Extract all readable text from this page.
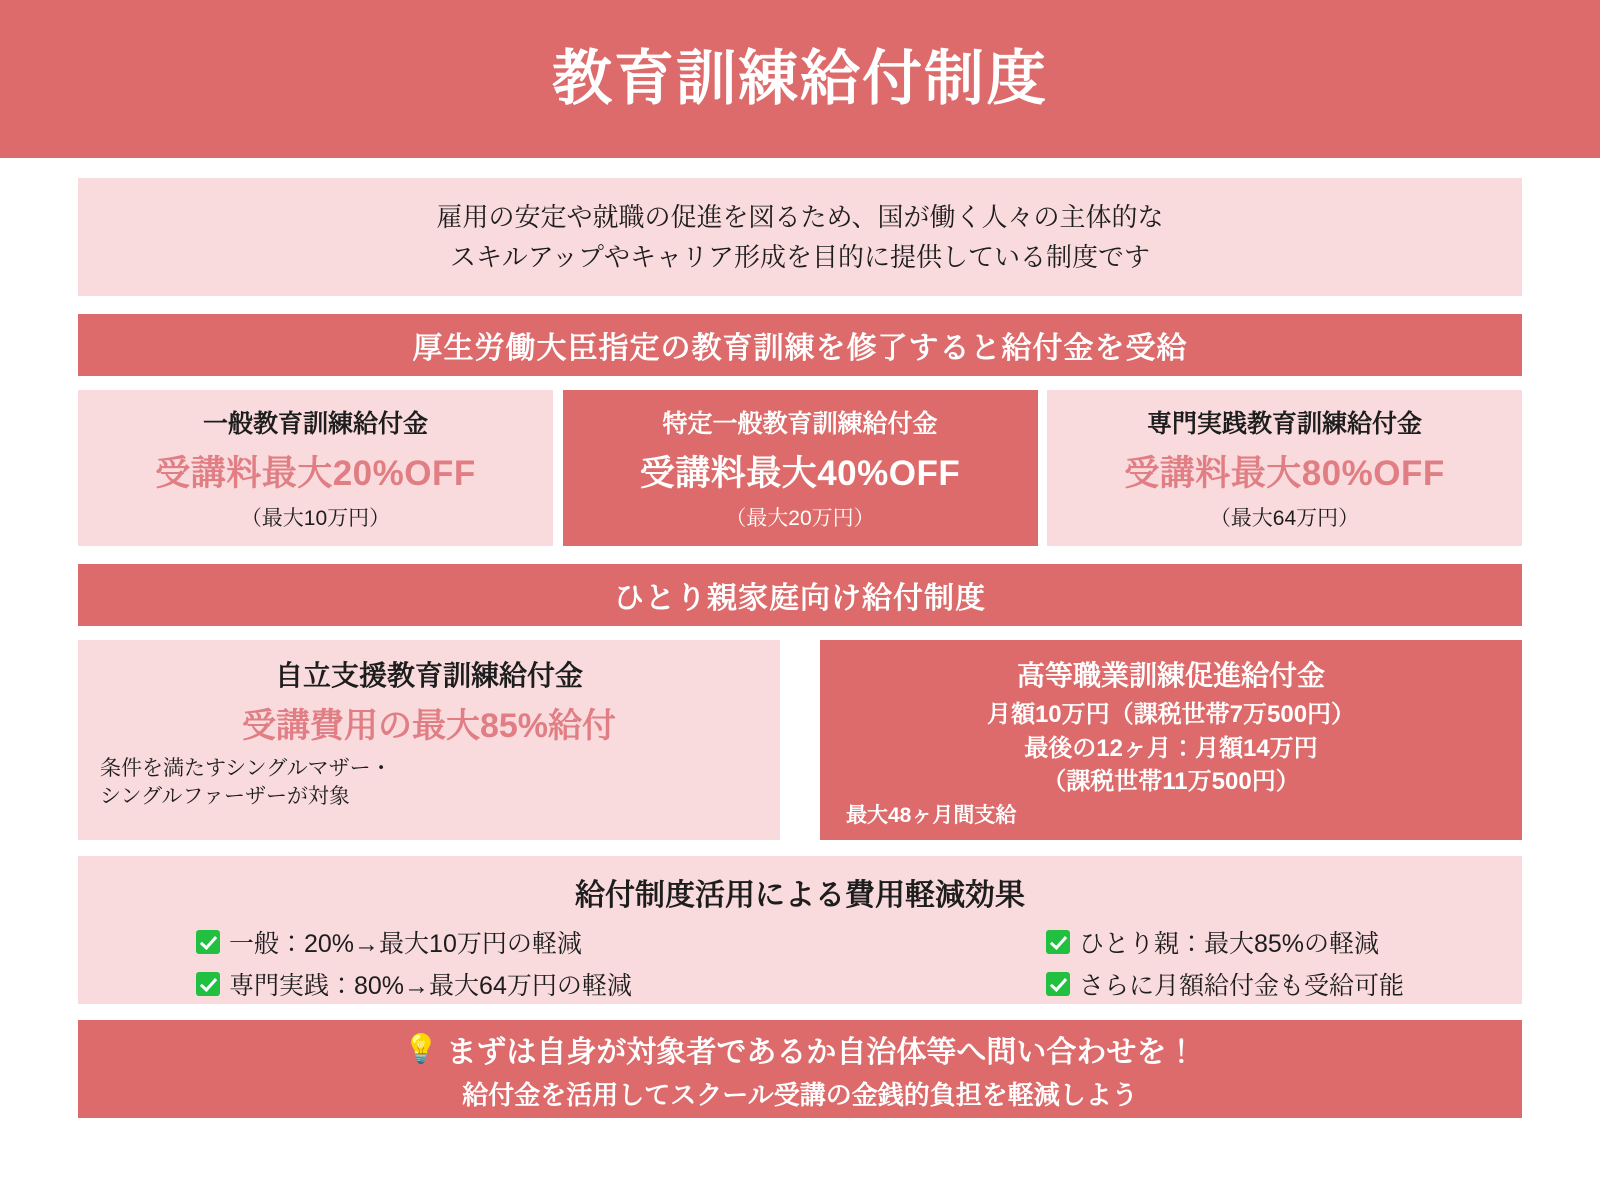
教育訓練給付制度
雇用の安定や就職の促進を図るため、国が働く人々の主体的な
スキルアップやキャリア形成を目的に提供している制度です
厚生労働大臣指定の教育訓練を修了すると給付金を受給
一般教育訓練給付金
受講料最大20%OFF
（最大10万円）
特定一般教育訓練給付金
受講料最大40%OFF
（最大20万円）
専門実践教育訓練給付金
受講料最大80%OFF
（最大64万円）
ひとり親家庭向け給付制度
自立支援教育訓練給付金
受講費用の最大85%給付
条件を満たすシングルマザー・
シングルファーザーが対象
高等職業訓練促進給付金
月額10万円（課税世帯7万500円）
最後の12ヶ月：月額14万円
（課税世帯11万500円）
最大48ヶ月間支給
給付制度活用による費用軽減効果
一般：20%→最大10万円の軽減
専門実践：80%→最大64万円の軽減
ひとり親：最大85%の軽減
さらに月額給付金も受給可能
💡 まずは自身が対象者であるか自治体等へ問い合わせを！
給付金を活用してスクール受講の金銭的負担を軽減しよう
